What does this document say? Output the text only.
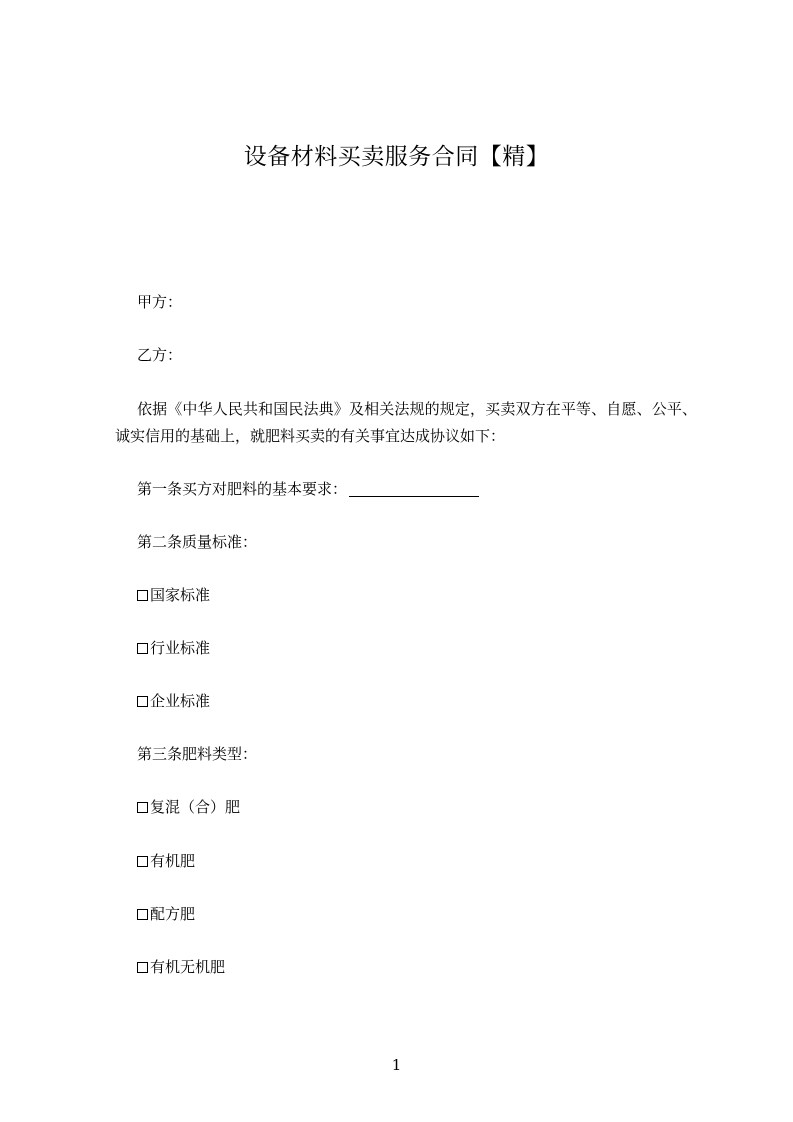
设备材料买卖服务合同【精】
甲方：
乙方：
依据《中华人民共和国民法典》及相关法规的规定，买卖双方在平等、自愿、公平、诚实信用的基础上，就肥料买卖的有关事宜达成协议如下：
第一条买方对肥料的基本要求：
第二条质量标准：
国家标准
行业标准
企业标准
第三条肥料类型：
复混（合）肥
有机肥
配方肥
有机无机肥
1
